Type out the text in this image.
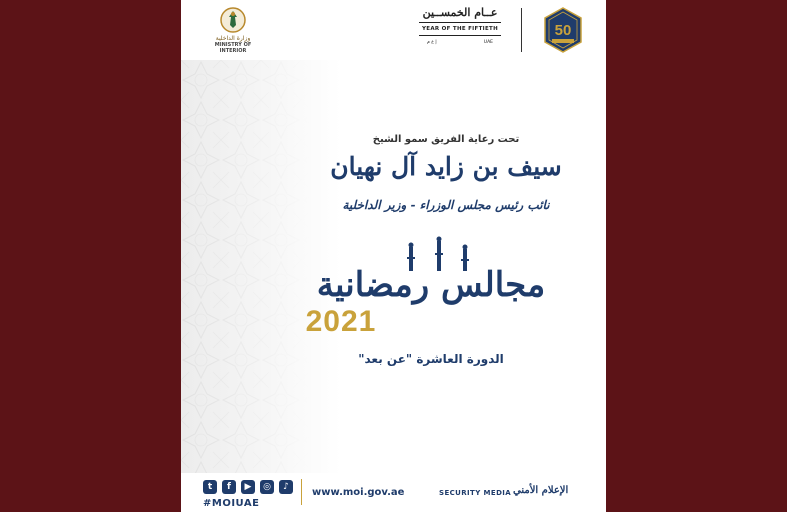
وزارة الداخلية
MINISTRY OF INTERIOR
عــام الخمســين
YEAR OF THE FIFTIETH
إ ع م	UAE
50
تحت رعاية الفريق سمو الشيخ
سيف بن زايد آل نهيان
نائب رئيس مجلس الوزراء - وزير الداخلية
مجالس رمضانية
2021
الدورة العاشرة "عن بعد"
t	f	▶	◎	♪
#MOIUAE
www.moi.gov.ae	SECURITY MEDIA الإعلام الأمني
